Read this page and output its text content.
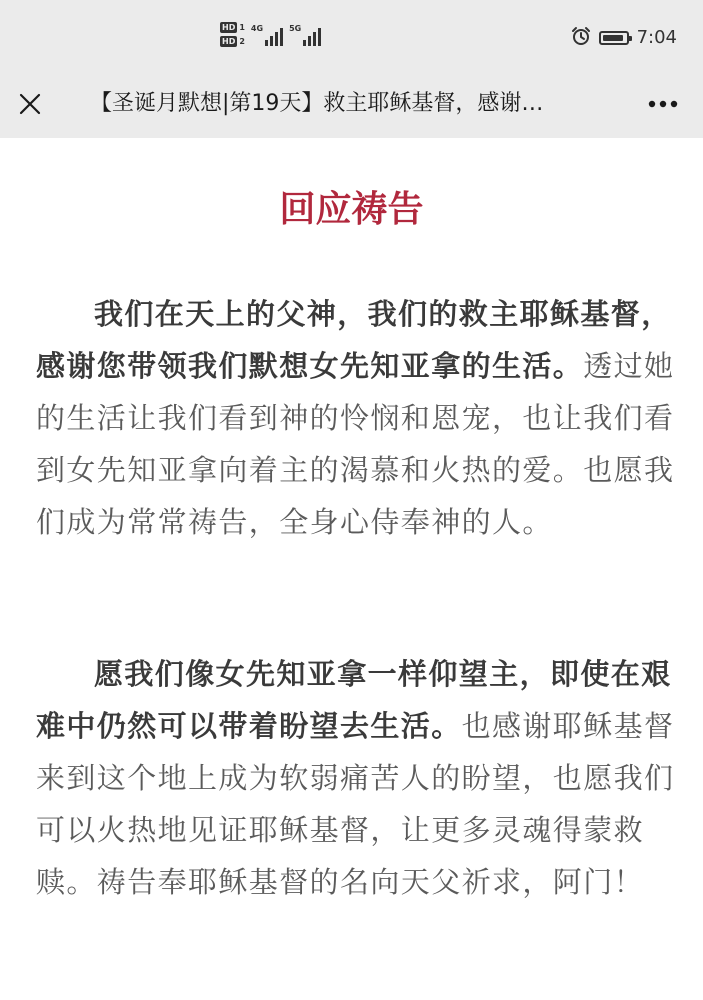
HD 1
HD 2
4G	5G	7:04
【圣诞月默想|第19天】救主耶稣基督，感谢…
回应祷告

我们在天上的父神，我们的救主耶稣基督，感谢您带领我们默想女先知亚拿的生活。透过她的生活让我们看到神的怜悯和恩宠，也让我们看到女先知亚拿向着主的渴慕和火热的爱。也愿我们成为常常祷告，全身心侍奉神的人。

愿我们像女先知亚拿一样仰望主，即使在艰难中仍然可以带着盼望去生活。也感谢耶稣基督来到这个地上成为软弱痛苦人的盼望，也愿我们可以火热地见证耶稣基督，让更多灵魂得蒙救赎。祷告奉耶稣基督的名向天父祈求，阿门！
